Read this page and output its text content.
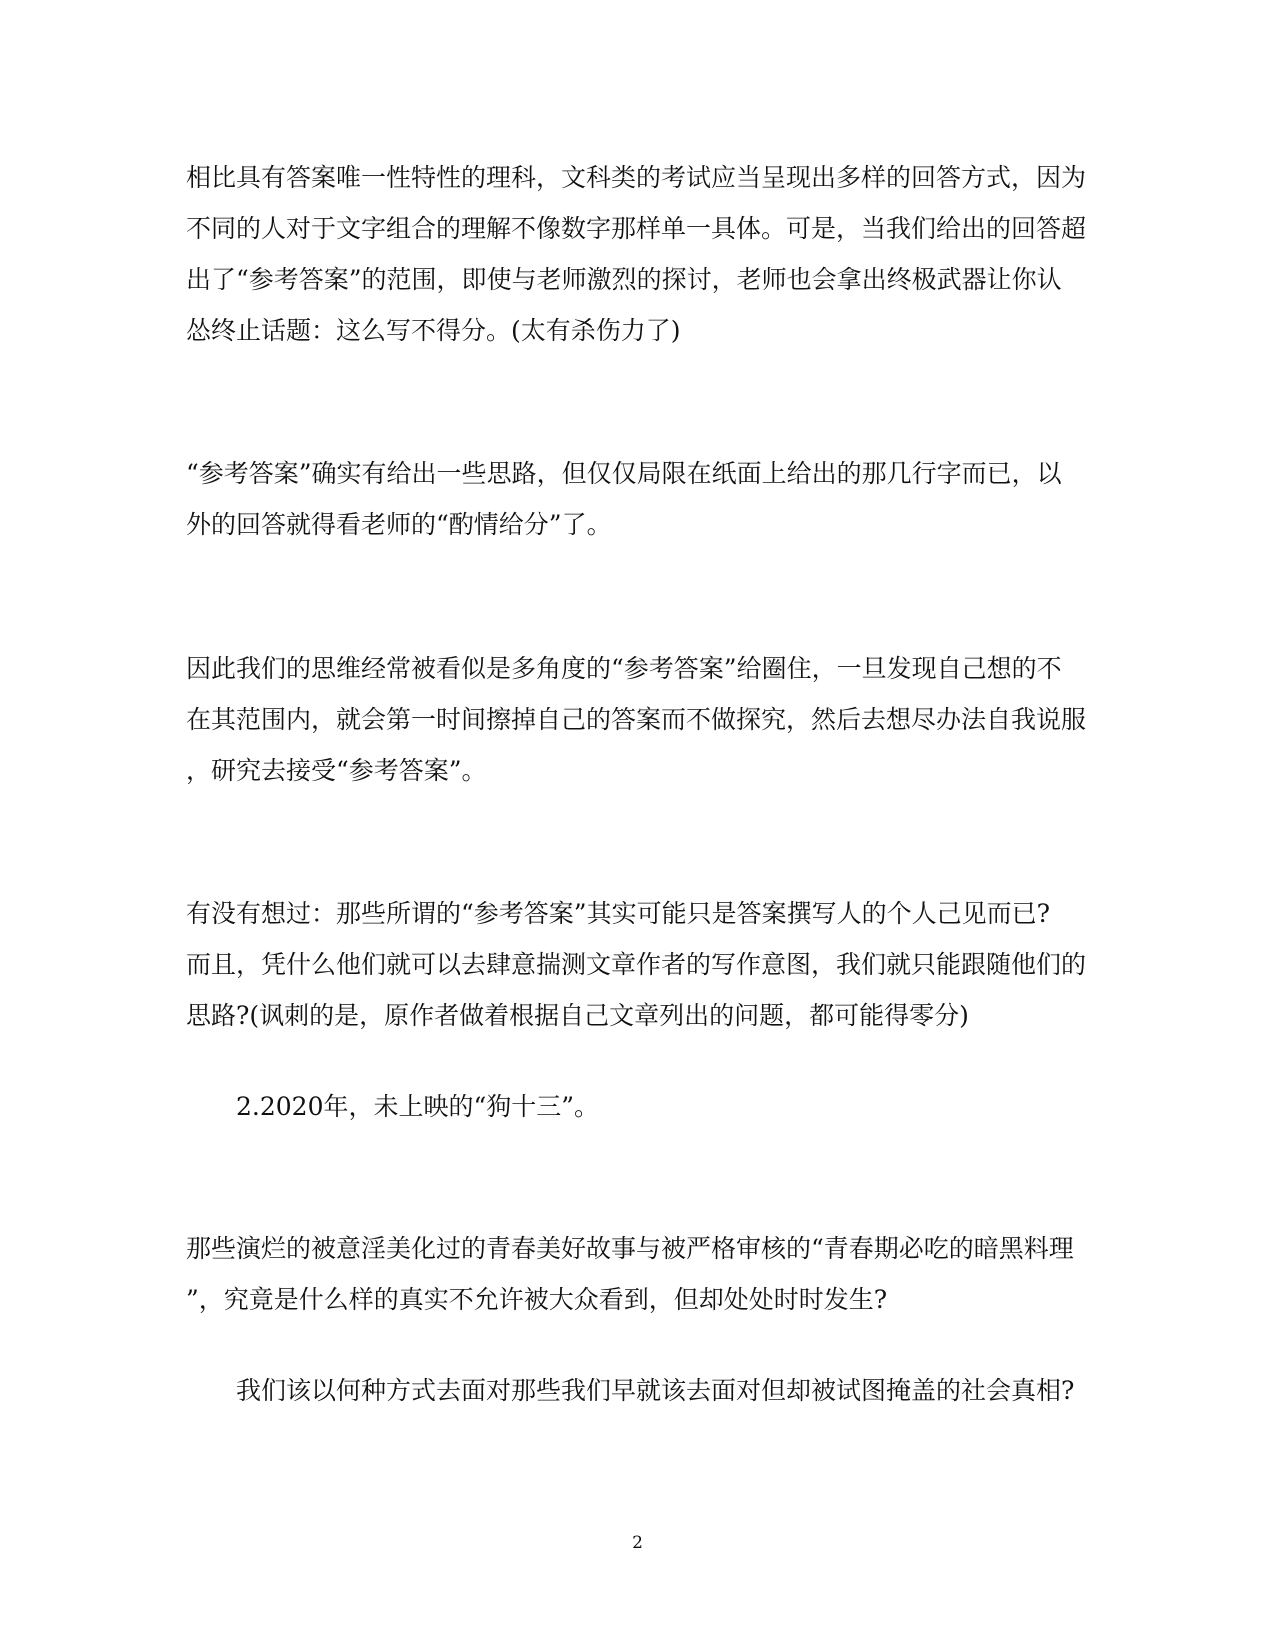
相比具有答案唯一性特性的理科，文科类的考试应当呈现出多样的回答方式，因为
不同的人对于文字组合的理解不像数字那样单一具体。可是，当我们给出的回答超
出了“参考答案”的范围，即使与老师激烈的探讨，老师也会拿出终极武器让你认
怂终止话题：这么写不得分。(太有杀伤力了)
“参考答案”确实有给出一些思路，但仅仅局限在纸面上给出的那几行字而已，以
外的回答就得看老师的“酌情给分”了。
因此我们的思维经常被看似是多角度的“参考答案”给圈住，一旦发现自己想的不
在其范围内，就会第一时间擦掉自己的答案而不做探究，然后去想尽办法自我说服
，研究去接受“参考答案”。
有没有想过：那些所谓的“参考答案”其实可能只是答案撰写人的个人己见而已?
而且，凭什么他们就可以去肆意揣测文章作者的写作意图，我们就只能跟随他们的
思路?(讽刺的是，原作者做着根据自己文章列出的问题，都可能得零分)
2.2020年，未上映的“狗十三”。
那些演烂的被意淫美化过的青春美好故事与被严格审核的“青春期必吃的暗黑料理
”，究竟是什么样的真实不允许被大众看到，但却处处时时发生?
我们该以何种方式去面对那些我们早就该去面对但却被试图掩盖的社会真相?
2
